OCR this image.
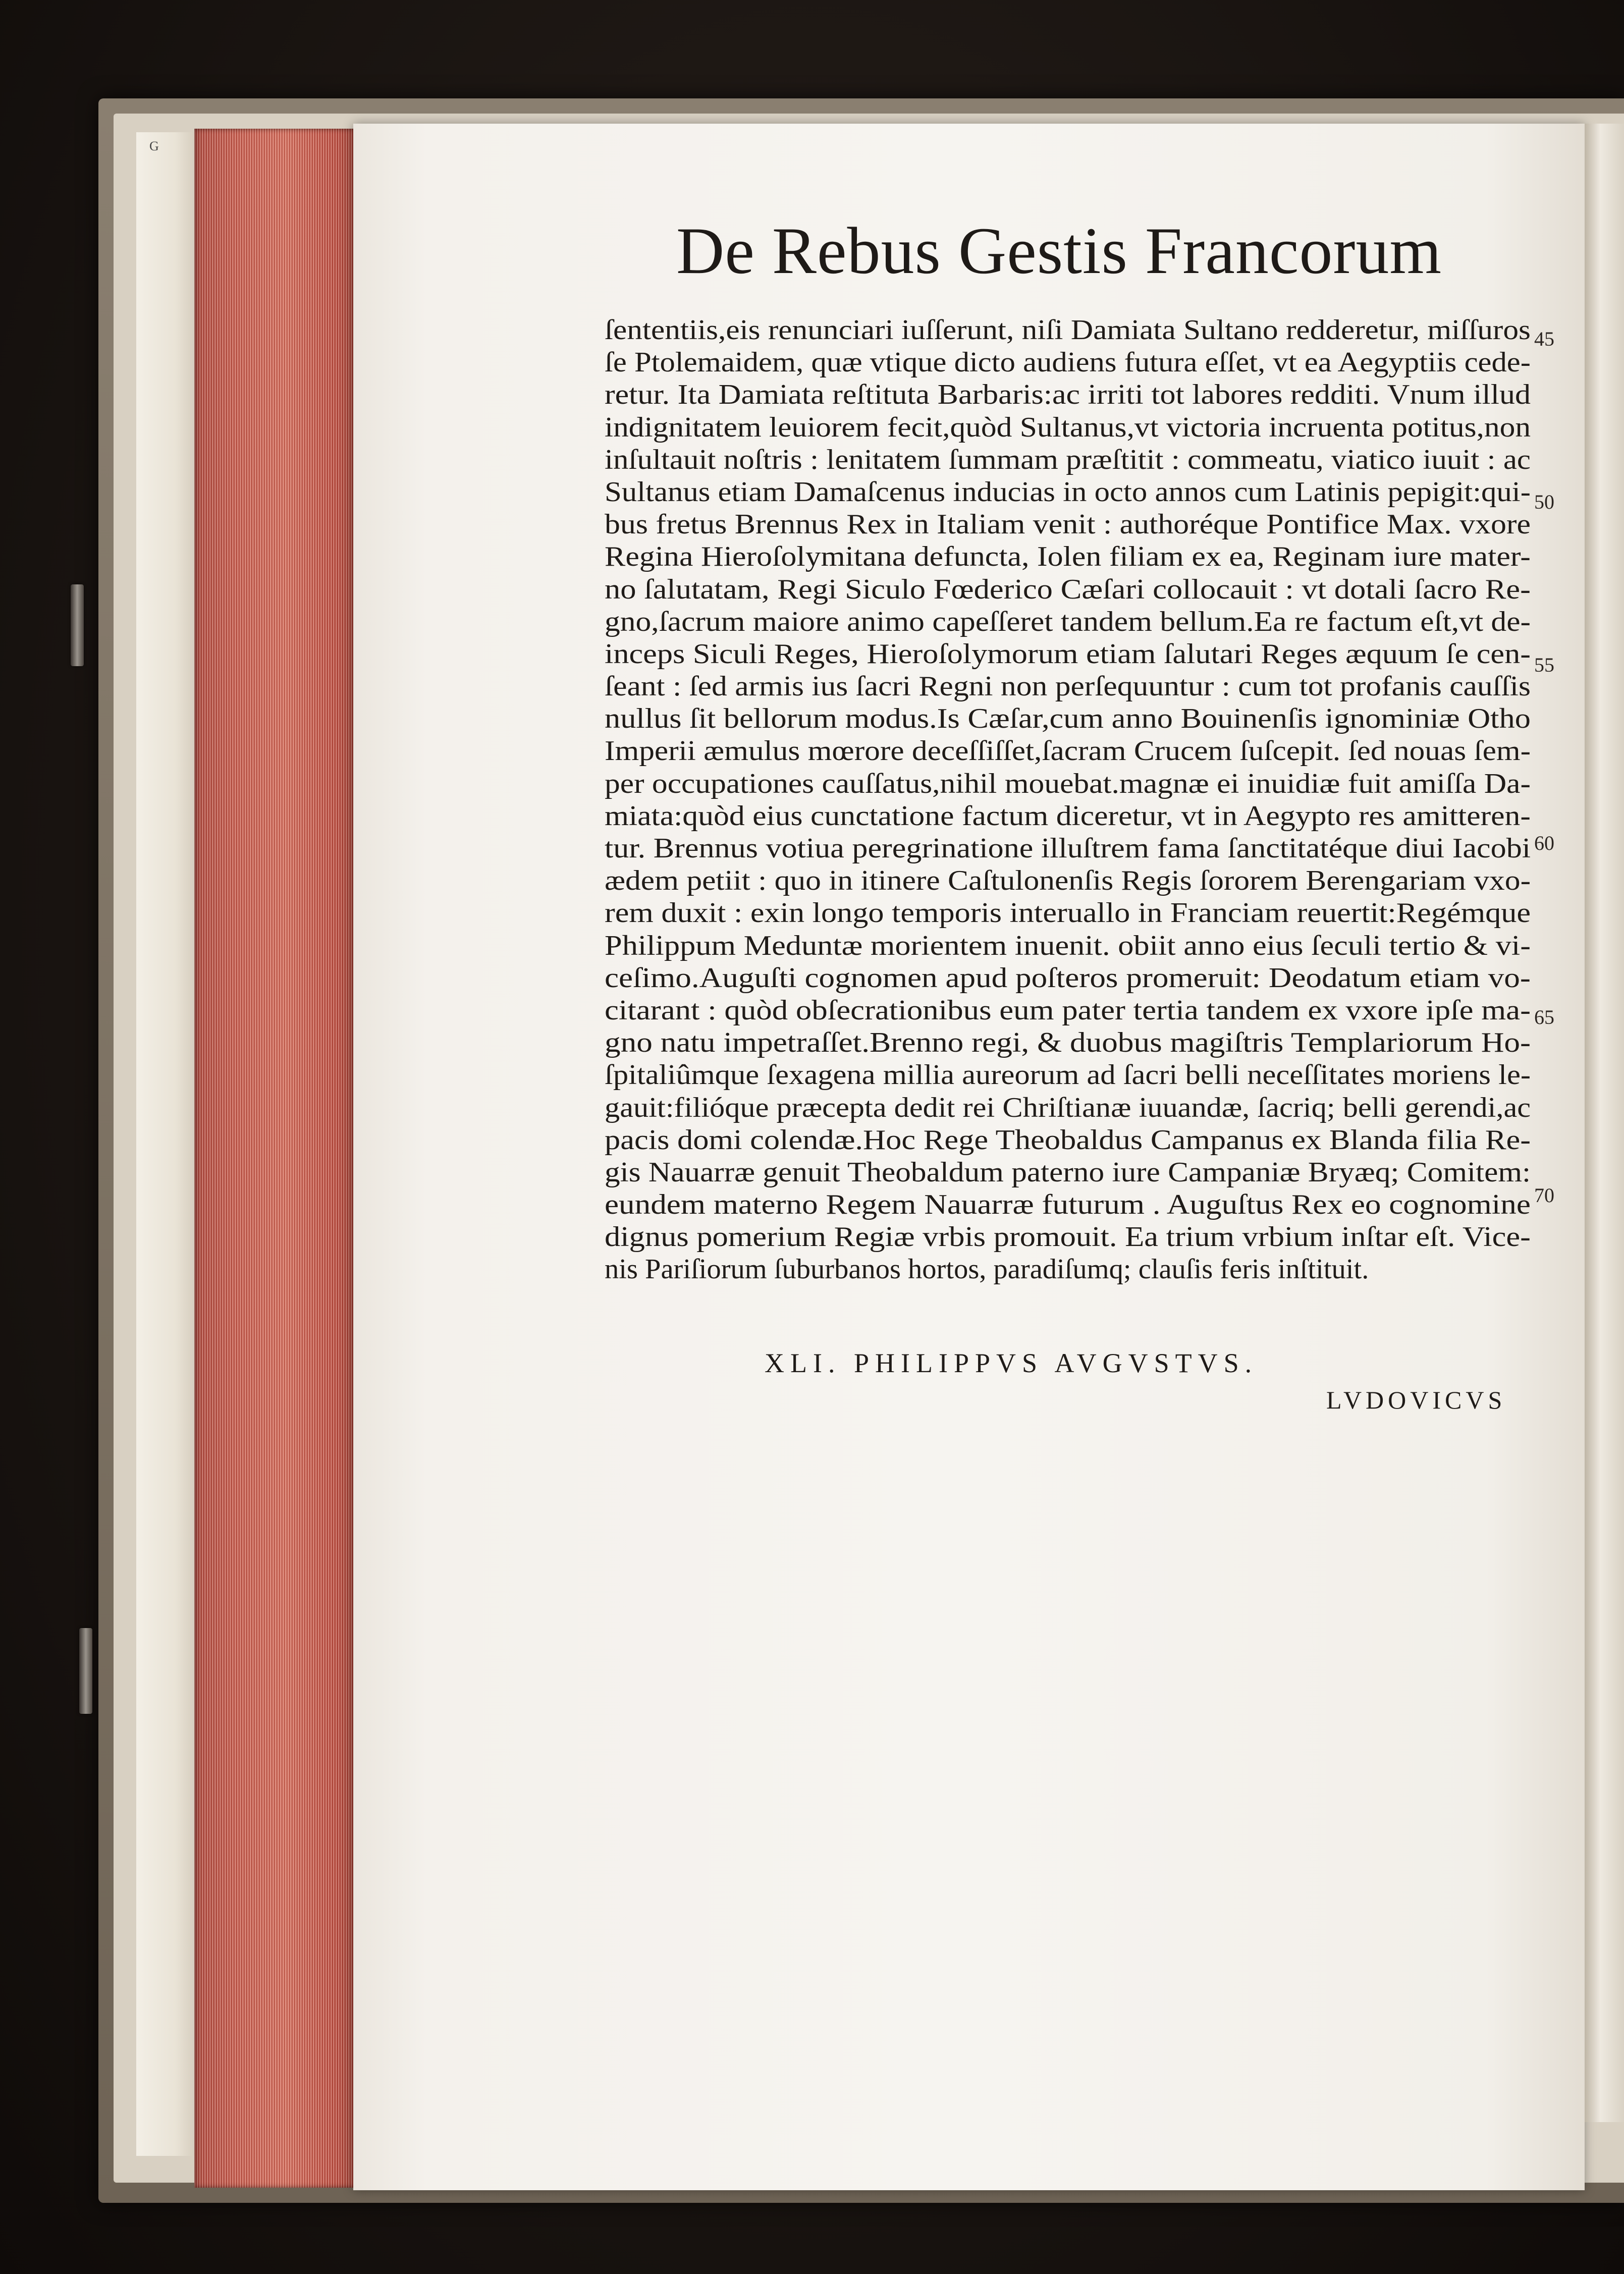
G
De Rebus Gestis Francorum
ſententiis,eis renunciari iuſſerunt, niſi Damiata Sultano redderetur, miſſuros
ſe Ptolemaidem, quæ vtique dicto audiens futura eſſet, vt ea Aegyptiis cede-
retur. Ita Damiata reſtituta Barbaris:ac irriti tot labores redditi. Vnum illud
indignitatem leuiorem fecit,quòd Sultanus,vt victoria incruenta potitus,non
inſultauit noſtris : lenitatem ſummam præſtitit : commeatu, viatico iuuit : ac
Sultanus etiam Damaſcenus inducias in octo annos cum Latinis pepigit:qui-
bus fretus Brennus Rex in Italiam venit : authoréque Pontifice Max. vxore
Regina Hieroſolymitana defuncta, Iolen filiam ex ea, Reginam iure mater-
no ſalutatam, Regi Siculo Fœderico Cæſari collocauit : vt dotali ſacro Re-
gno,ſacrum maiore animo capeſſeret tandem bellum.Ea re factum eſt,vt de-
inceps Siculi Reges, Hieroſolymorum etiam ſalutari Reges æquum ſe cen-
ſeant : ſed armis ius ſacri Regni non perſequuntur : cum tot profanis cauſſis
nullus ſit bellorum modus.Is Cæſar,cum anno Bouinenſis ignominiæ Otho
Imperii æmulus mœrore deceſſiſſet,ſacram Crucem ſuſcepit. ſed nouas ſem-
per occupationes cauſſatus,nihil mouebat.magnæ ei inuidiæ fuit amiſſa Da-
miata:quòd eius cunctatione factum diceretur, vt in Aegypto res amitteren-
tur. Brennus votiua peregrinatione illuſtrem fama ſanctitatéque diui Iacobi
ædem petiit : quo in itinere Caſtulonenſis Regis ſororem Berengariam vxo-
rem duxit : exin longo temporis interuallo in Franciam reuertit:Regémque
Philippum Meduntæ morientem inuenit. obiit anno eius ſeculi tertio & vi-
ceſimo.Auguſti cognomen apud poſteros promeruit: Deodatum etiam vo-
citarant : quòd obſecrationibus eum pater tertia tandem ex vxore ipſe ma-
gno natu impetraſſet.Brenno regi, & duobus magiſtris Templariorum Ho-
ſpitaliûmque ſexagena millia aureorum ad ſacri belli neceſſitates moriens le-
gauit:filióque præcepta dedit rei Chriſtianæ iuuandæ, ſacriq; belli gerendi,ac
pacis domi colendæ.Hoc Rege Theobaldus Campanus ex Blanda filia Re-
gis Nauarræ genuit Theobaldum paterno iure Campaniæ Bryæq; Comitem:
eundem materno Regem Nauarræ futurum . Auguſtus Rex eo cognomine
dignus pomerium Regiæ vrbis promouit. Ea trium vrbium inſtar eſt. Vice-
nis Pariſiorum ſuburbanos hortos, paradiſumq; clauſis feris inſtituit.
45
50
55
60
65
70
XLI. PHILIPPVS AVGVSTVS.
LVDOVICVS
